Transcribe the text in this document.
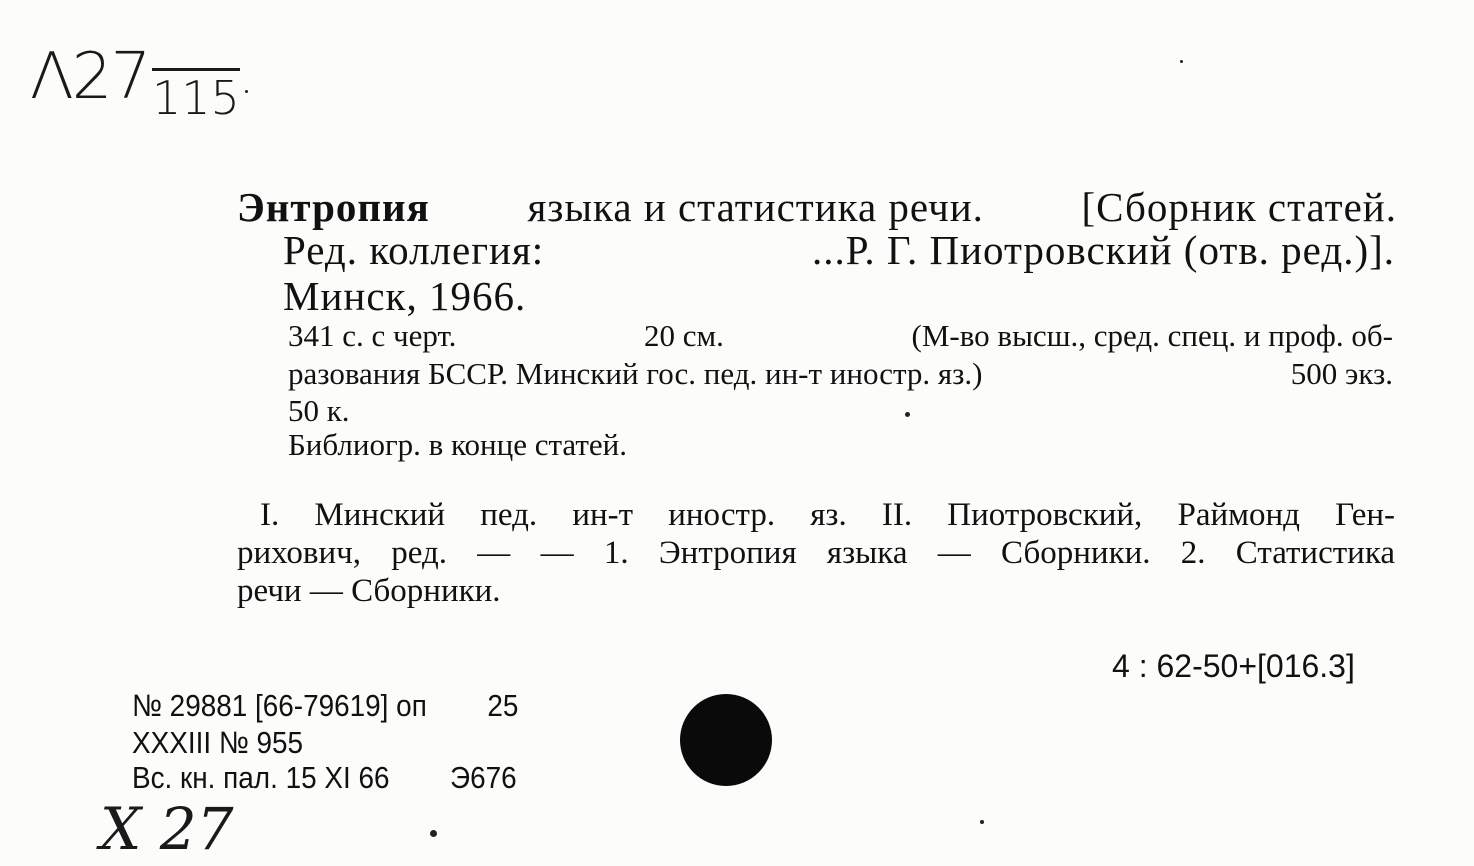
Λ27 115
Энтропия языка и статистика речи. [Сборник статей.
Ред. коллегия:	...Р. Г. Пиотровский (отв. ред.)].
Минск, 1966.
341 с. с черт.	20 см.	(М-во высш., сред. спец. и проф. об-
разования БССР. Минский гос. пед. ин-т иностр. яз.)	500 экз.
50 к.
Библиогр. в конце статей.
I. Минский пед. ин-т иностр. яз. II. Пиотровский, Раймонд Ген-
рихович, ред. — — 1. Энтропия языка — Сборники. 2. Статистика
речи — Сборники.
4 : 62-50+[016.3]
№ 29881 [66-79619] оп 25
XXXIII № 955
Вс. кн. пал. 15 XI 66 Э676
X 27
